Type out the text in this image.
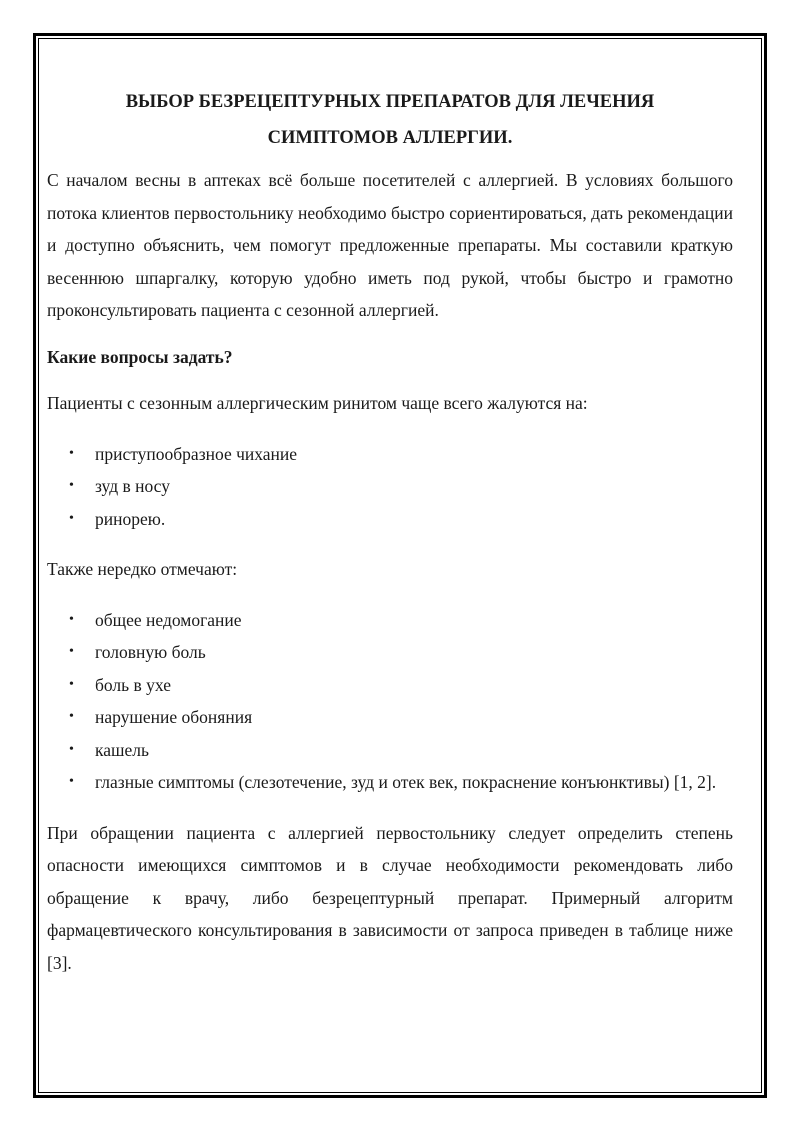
ВЫБОР БЕЗРЕЦЕПТУРНЫХ ПРЕПАРАТОВ ДЛЯ ЛЕЧЕНИЯ
СИМПТОМОВ АЛЛЕРГИИ.

С началом весны в аптеках всё больше посетителей с аллергией. В условиях большого потока клиентов первостольнику необходимо быстро сориентироваться, дать рекомендации и доступно объяснить, чем помогут предложенные препараты. Мы составили краткую весеннюю шпаргалку, которую удобно иметь под рукой, чтобы быстро и грамотно проконсультировать пациента с сезонной аллергией.

Какие вопросы задать?

Пациенты с сезонным аллергическим ринитом чаще всего жалуются на:

• приступообразное чихание
• зуд в носу
• ринорею.

Также нередко отмечают:

• общее недомогание
• головную боль
• боль в ухе
• нарушение обоняния
• кашель
• глазные симптомы (слезотечение, зуд и отек век, покраснение конъюнктивы) [1, 2].

При обращении пациента с аллергией первостольнику следует определить степень опасности имеющихся симптомов и в случае необходимости рекомендовать либо обращение к врачу, либо безрецептурный препарат. Примерный алгоритм фармацевтического консультирования в зависимости от запроса приведен в таблице ниже [3].
